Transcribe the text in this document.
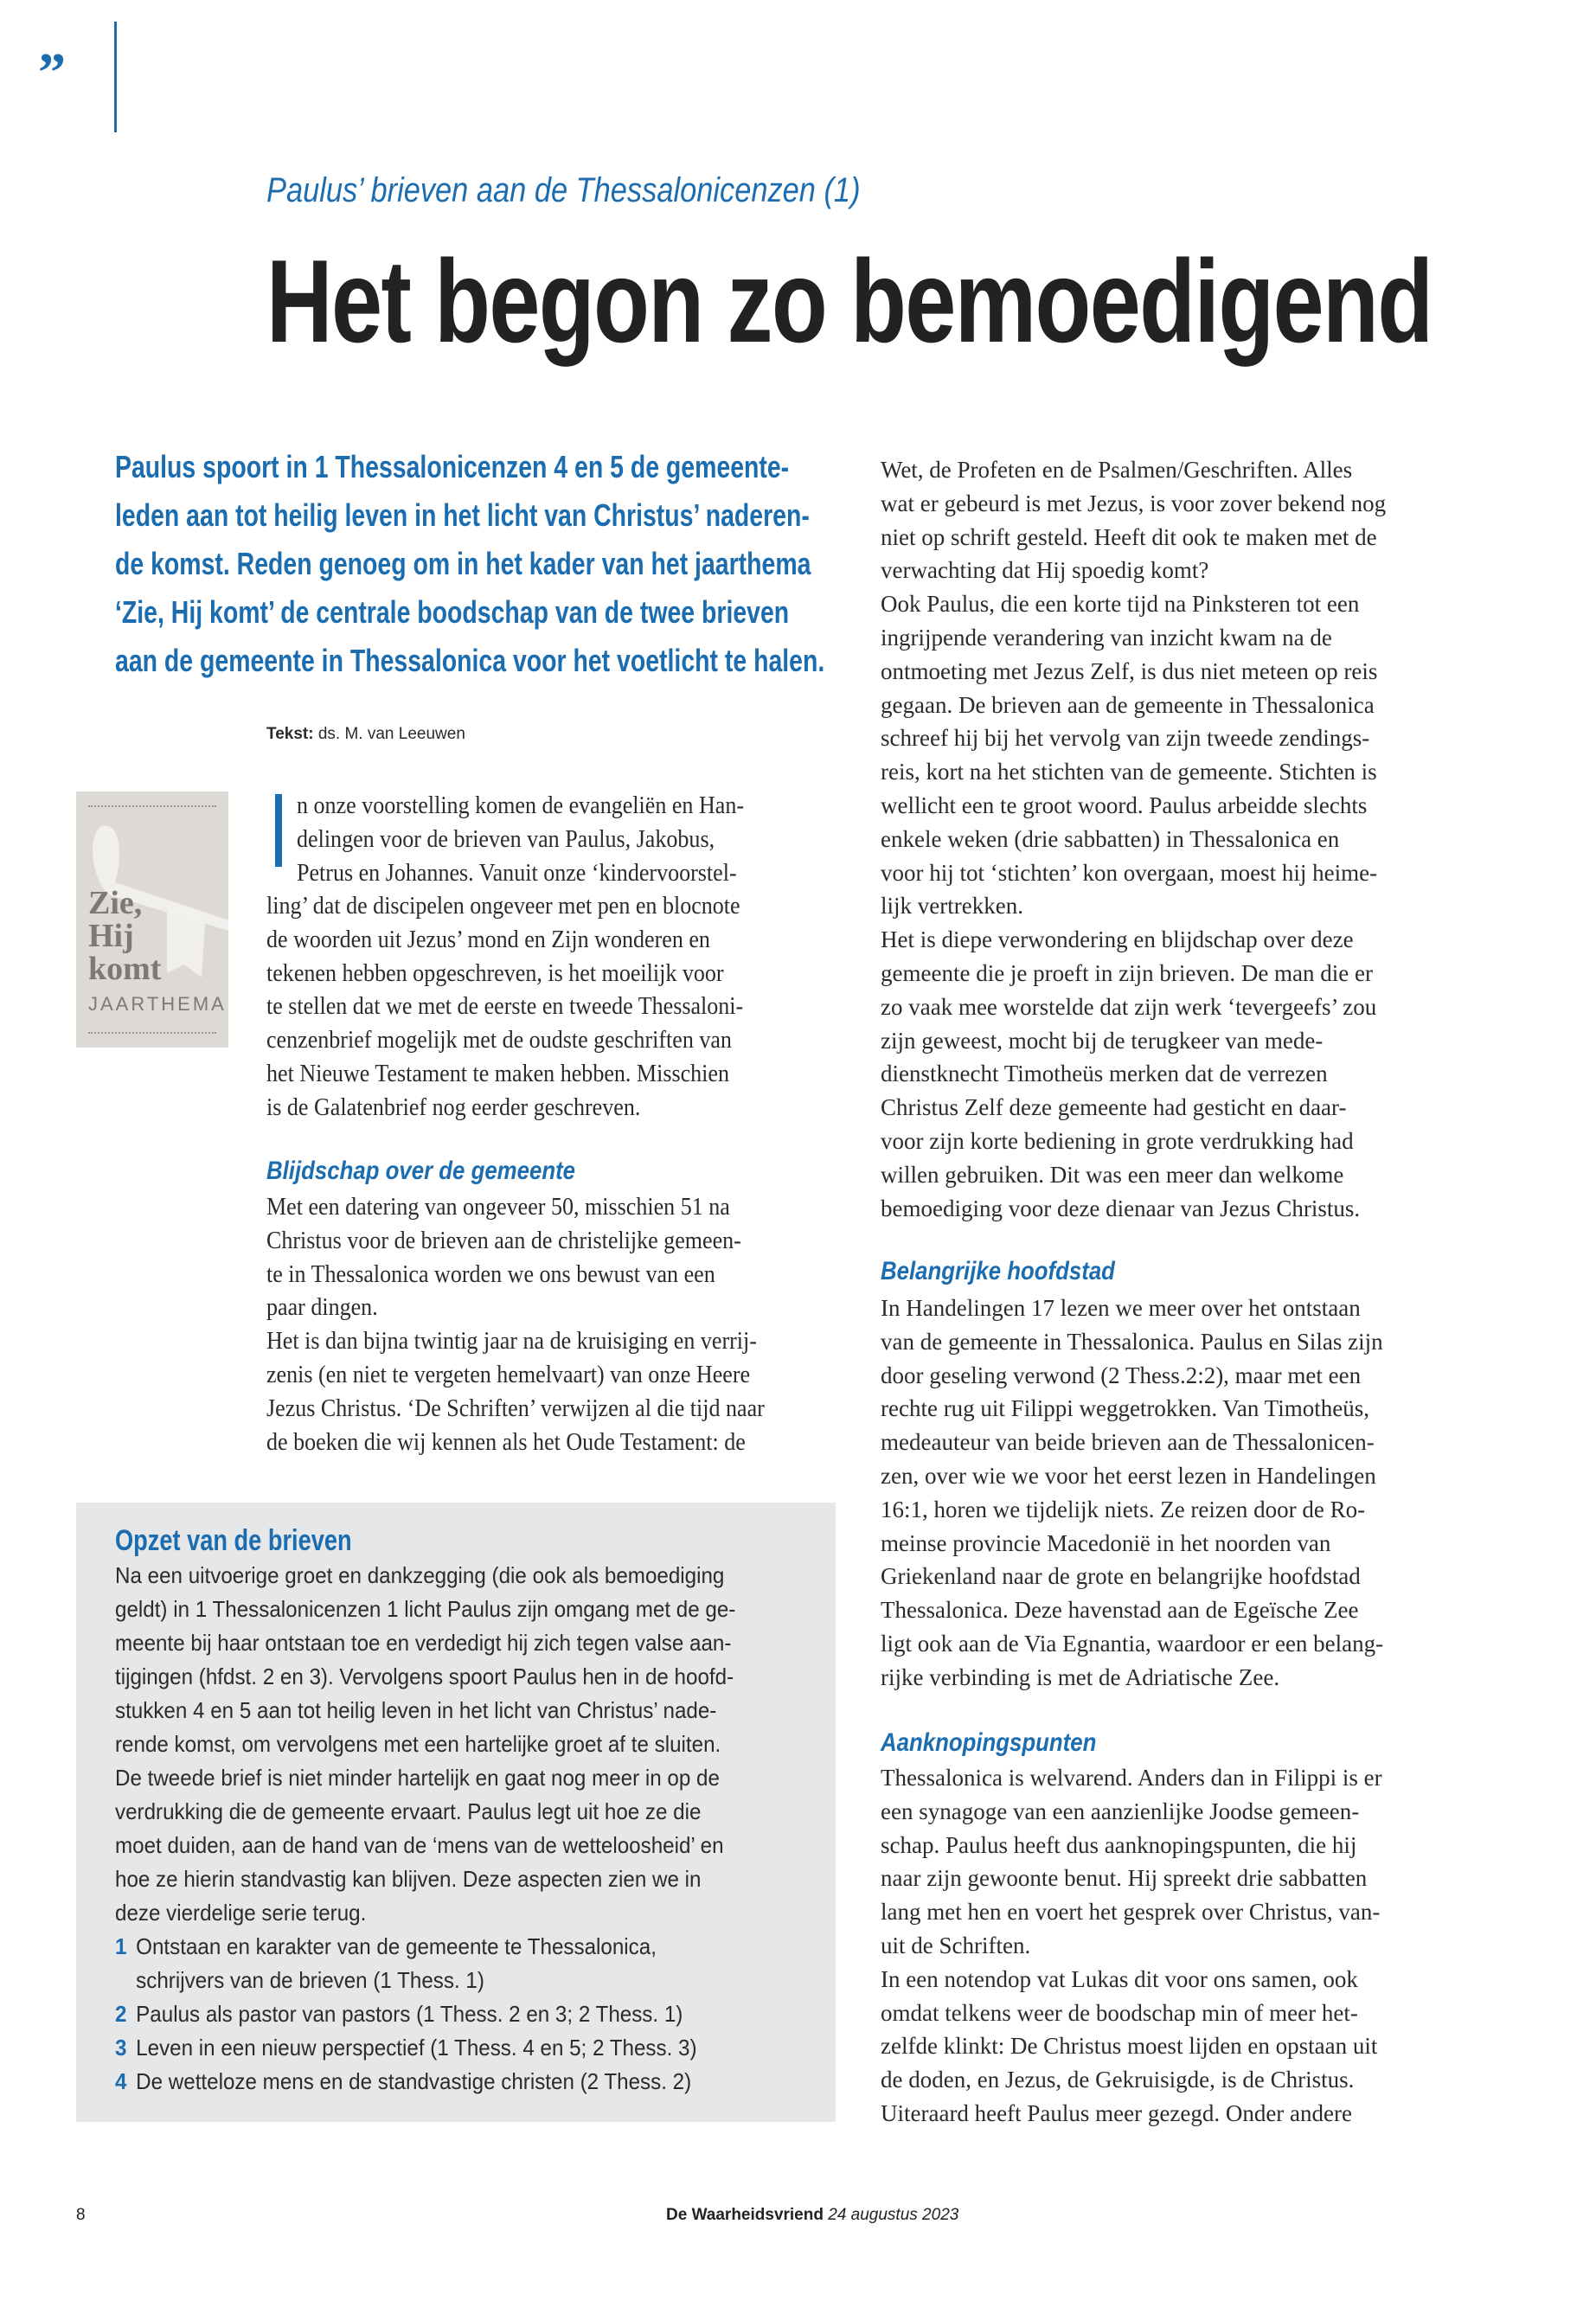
”
Paulus’ brieven aan de Thessalonicenzen (1)
Het begon zo bemoedigend
Paulus spoort in 1 Thessalonicenzen 4 en 5 de gemeente-
leden aan tot heilig leven in het licht van Christus’ naderen-
de komst. Reden genoeg om in het kader van het jaarthema
‘Zie, Hij komt’ de centrale boodschap van de twee brieven
aan de gemeente in Thessalonica voor het voetlicht te halen.
Tekst: ds. M. van Leeuwen
Zie,
Hij
komt
JAARTHEMA
n onze voorstelling komen de evangeliën en Han-
delingen voor de brieven van Paulus, Jakobus,
Petrus en Johannes. Vanuit onze ‘kindervoorstel-
ling’ dat de discipelen ongeveer met pen en blocnote
de woorden uit Jezus’ mond en Zijn wonderen en
tekenen hebben opgeschreven, is het moeilijk voor
te stellen dat we met de eerste en tweede Thessaloni-
cenzenbrief mogelijk met de oudste geschriften van
het Nieuwe Testament te maken hebben. Misschien
is de Galatenbrief nog eerder geschreven.
Blijdschap over de gemeente
Met een datering van ongeveer 50, misschien 51 na
Christus voor de brieven aan de christelijke gemeen-
te in Thessalonica worden we ons bewust van een
paar dingen.
Het is dan bijna twintig jaar na de kruisiging en verrij-
zenis (en niet te vergeten hemelvaart) van onze Heere
Jezus Christus. ‘De Schriften’ verwijzen al die tijd naar
de boeken die wij kennen als het Oude Testament: de
Wet, de Profeten en de Psalmen/Geschriften. Alles
wat er gebeurd is met Jezus, is voor zover bekend nog
niet op schrift gesteld. Heeft dit ook te maken met de
verwachting dat Hij spoedig komt?
Ook Paulus, die een korte tijd na Pinksteren tot een
ingrijpende verandering van inzicht kwam na de
ontmoeting met Jezus Zelf, is dus niet meteen op reis
gegaan. De brieven aan de gemeente in Thessalonica
schreef hij bij het vervolg van zijn tweede zendings-
reis, kort na het stichten van de gemeente. Stichten is
wellicht een te groot woord. Paulus arbeidde slechts
enkele weken (drie sabbatten) in Thessalonica en
voor hij tot ‘stichten’ kon overgaan, moest hij heime-
lijk vertrekken.
Het is diepe verwondering en blijdschap over deze
gemeente die je proeft in zijn brieven. De man die er
zo vaak mee worstelde dat zijn werk ‘tevergeefs’ zou
zijn geweest, mocht bij de terugkeer van mede-
dienstknecht Timotheüs merken dat de verrezen
Christus Zelf deze gemeente had gesticht en daar-
voor zijn korte bediening in grote verdrukking had
willen gebruiken. Dit was een meer dan welkome
bemoediging voor deze dienaar van Jezus Christus.
Belangrijke hoofdstad
In Handelingen 17 lezen we meer over het ontstaan
van de gemeente in Thessalonica. Paulus en Silas zijn
door geseling verwond (2 Thess.2:2), maar met een
rechte rug uit Filippi weggetrokken. Van Timotheüs,
medeauteur van beide brieven aan de Thessalonicen-
zen, over wie we voor het eerst lezen in Handelingen
16:1, horen we tijdelijk niets. Ze reizen door de Ro-
meinse provincie Macedonië in het noorden van
Griekenland naar de grote en belangrijke hoofdstad
Thessalonica. Deze havenstad aan de Egeïsche Zee
ligt ook aan de Via Egnantia, waardoor er een belang-
rijke verbinding is met de Adriatische Zee.
Aanknopingspunten
Thessalonica is welvarend. Anders dan in Filippi is er
een synagoge van een aanzienlijke Joodse gemeen-
schap. Paulus heeft dus aanknopingspunten, die hij
naar zijn gewoonte benut. Hij spreekt drie sabbatten
lang met hen en voert het gesprek over Christus, van-
uit de Schriften.
In een notendop vat Lukas dit voor ons samen, ook
omdat telkens weer de boodschap min of meer het-
zelfde klinkt: De Christus moest lijden en opstaan uit
de doden, en Jezus, de Gekruisigde, is de Christus.
Uiteraard heeft Paulus meer gezegd. Onder andere
Opzet van de brieven
Na een uitvoerige groet en dankzegging (die ook als bemoediging
geldt) in 1 Thessalonicenzen 1 licht Paulus zijn omgang met de ge-
meente bij haar ontstaan toe en verdedigt hij zich tegen valse aan-
tijgingen (hfdst. 2 en 3). Vervolgens spoort Paulus hen in de hoofd-
stukken 4 en 5 aan tot heilig leven in het licht van Christus’ nade-
rende komst, om vervolgens met een hartelijke groet af te sluiten.
De tweede brief is niet minder hartelijk en gaat nog meer in op de
verdrukking die de gemeente ervaart. Paulus legt uit hoe ze die
moet duiden, aan de hand van de ‘mens van de wetteloosheid’ en
hoe ze hierin standvastig kan blijven. Deze aspecten zien we in
deze vierdelige serie terug.
1 Ontstaan en karakter van de gemeente te Thessalonica,
schrijvers van de brieven (1 Thess. 1)
2 Paulus als pastor van pastors (1 Thess. 2 en 3; 2 Thess. 1)
3 Leven in een nieuw perspectief (1 Thess. 4 en 5; 2 Thess. 3)
4 De wetteloze mens en de standvastige christen (2 Thess. 2)
8	De Waarheidsvriend 24 augustus 2023
